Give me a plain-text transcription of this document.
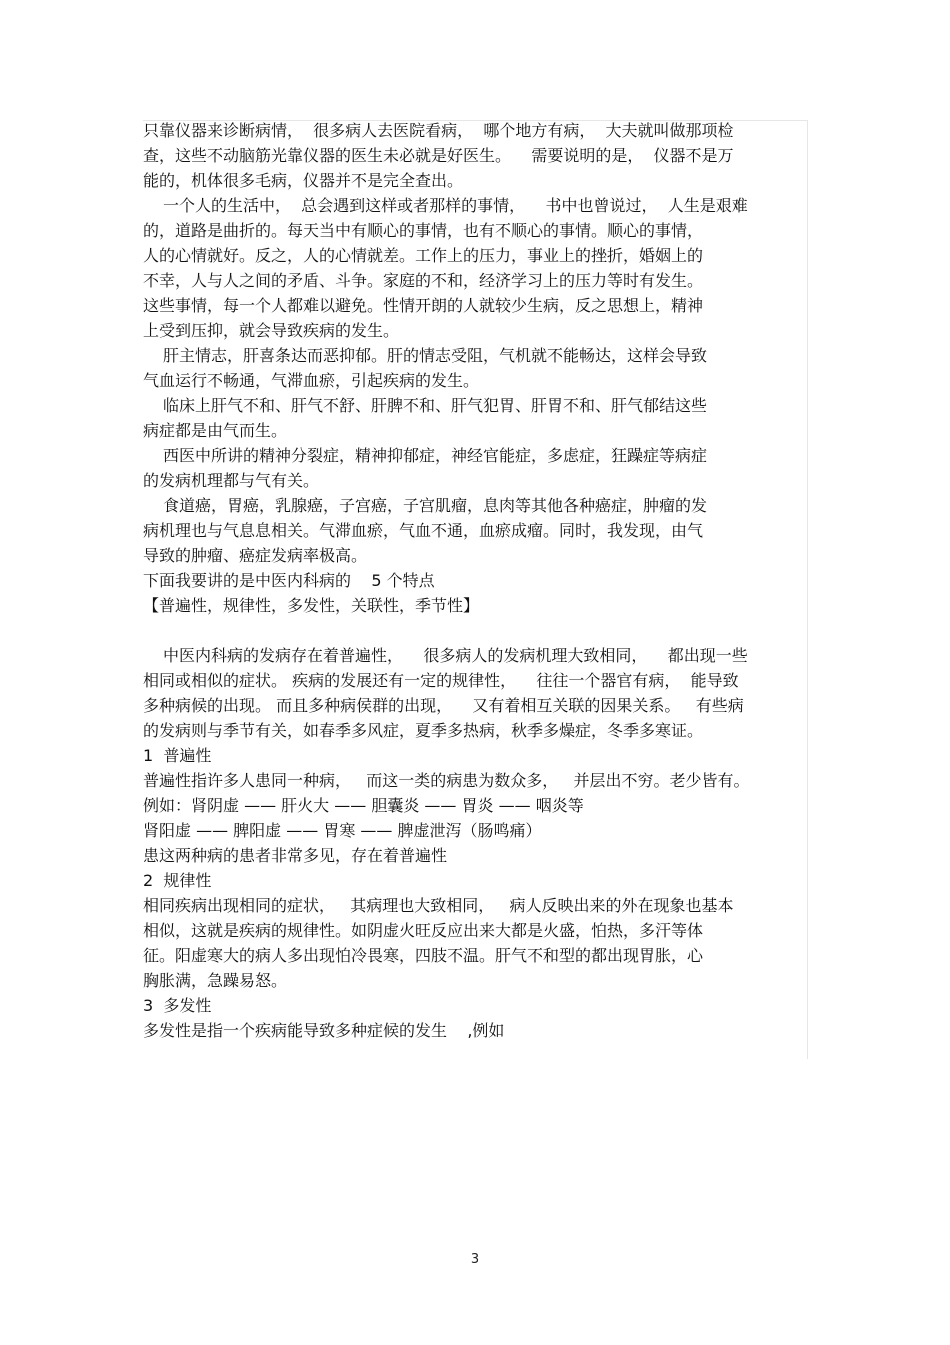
只靠仪器来诊断病情，  很多病人去医院看病，  哪个地方有病，  大夫就叫做那项检
查，这些不动脑筋光靠仪器的医生未必就是好医生。    需要说明的是，  仪器不是万
能的，机体很多毛病，仪器并不是完全查出。
一个人的生活中，  总会遇到这样或者那样的事情，    书中也曾说过，  人生是艰难
的，道路是曲折的。每天当中有顺心的事情，也有不顺心的事情。顺心的事情，
人的心情就好。反之，人的心情就差。工作上的压力，事业上的挫折，婚姻上的
不幸，人与人之间的矛盾、斗争。家庭的不和，经济学习上的压力等时有发生。
这些事情，每一个人都难以避免。性情开朗的人就较少生病，反之思想上，精神
上受到压抑，就会导致疾病的发生。
肝主情志，肝喜条达而恶抑郁。肝的情志受阻，气机就不能畅达，这样会导致
气血运行不畅通，气滞血瘀，引起疾病的发生。
临床上肝气不和、肝气不舒、肝脾不和、肝气犯胃、肝胃不和、肝气郁结这些
病症都是由气而生。
西医中所讲的精神分裂症，精神抑郁症，神经官能症，多虑症，狂躁症等病症
的发病机理都与气有关。
食道癌，胃癌，乳腺癌，子宫癌，子宫肌瘤，息肉等其他各种癌症，肿瘤的发
病机理也与气息息相关。气滞血瘀，气血不通，血瘀成瘤。同时，我发现，由气
导致的肿瘤、癌症发病率极高。
下面我要讲的是中医内科病的    5 个特点
【普遍性，规律性，多发性，关联性，季节性】
中医内科病的发病存在着普遍性，    很多病人的发病机理大致相同，    都出现一些
相同或相似的症状。 疾病的发展还有一定的规律性，    往往一个器官有病，  能导致
多种病候的出现。 而且多种病侯群的出现，    又有着相互关联的因果关系。   有些病
的发病则与季节有关，如春季多风症，夏季多热病，秋季多燥症，冬季多寒证。
1  普遍性
普遍性指许多人患同一种病，   而这一类的病患为数众多，   并层出不穷。老少皆有。
例如：肾阴虚 —— 肝火大 —— 胆囊炎 —— 胃炎 —— 咽炎等
肾阳虚 —— 脾阳虚 —— 胃寒 —— 脾虚泄泻（肠鸣痛）
患这两种病的患者非常多见，存在着普遍性
2  规律性
相同疾病出现相同的症状，   其病理也大致相同，   病人反映出来的外在现象也基本
相似，这就是疾病的规律性。如阴虚火旺反应出来大都是火盛，怕热，多汗等体
征。阳虚寒大的病人多出现怕冷畏寒，四肢不温。肝气不和型的都出现胃胀，心
胸胀满，急躁易怒。
3  多发性
多发性是指一个疾病能导致多种症候的发生    ,例如
3
